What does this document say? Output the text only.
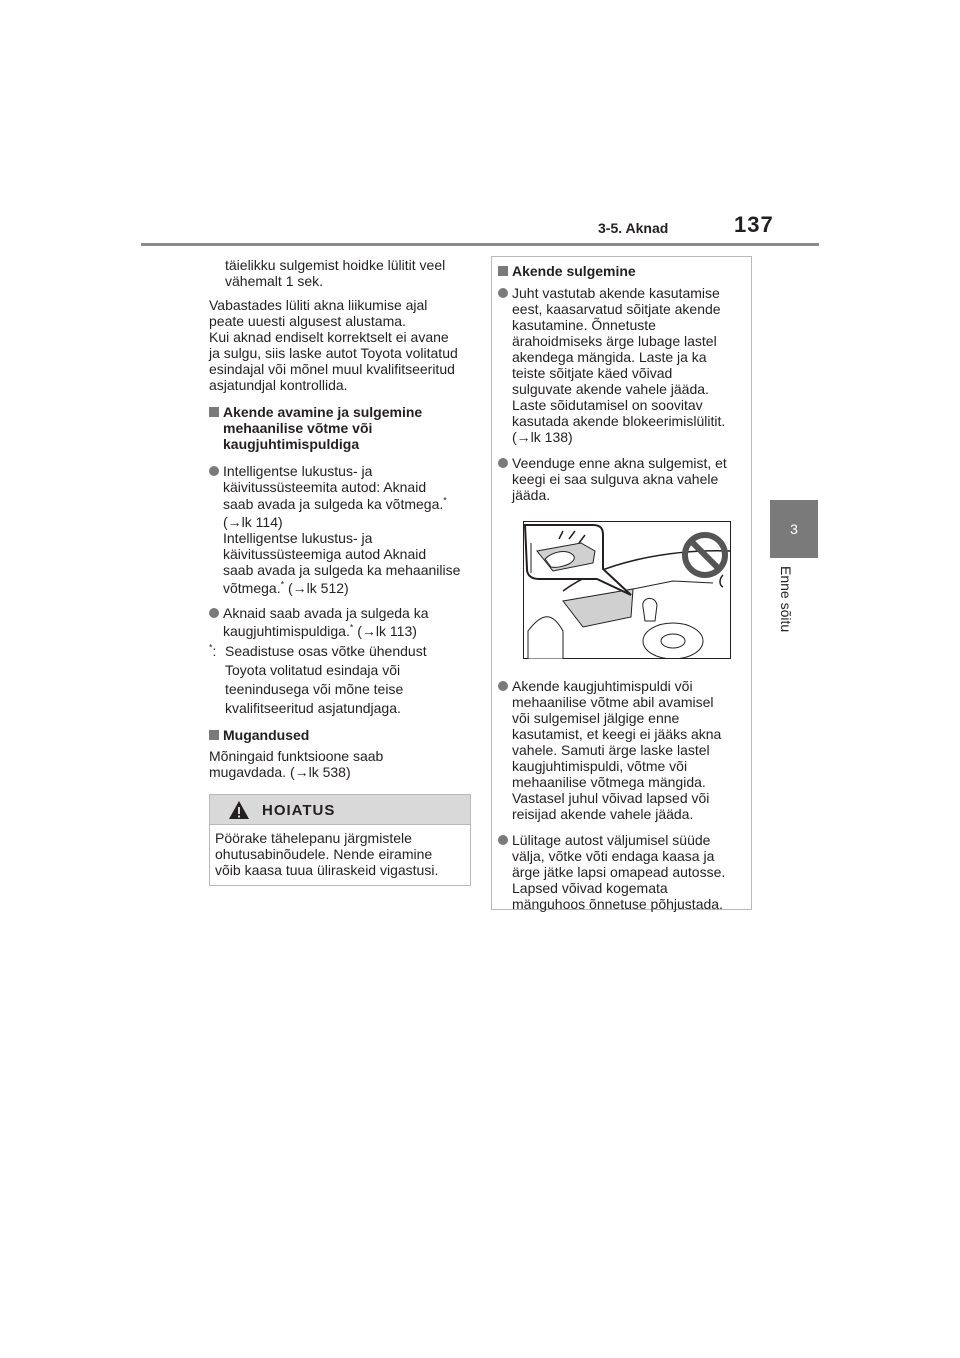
3-5. Aknad	137
3
Enne sõitu

täielikku sulgemist hoidke lülitit veel

vähemalt 1 sek.

Vabastades lüliti akna liikumise ajal

peate uuesti algusest alustama.

Kui aknad endiselt korrektselt ei avane

ja sulgu, siis laske autot Toyota volitatud

esindajal või mõnel muul kvalifitseeritud

asjatundjal kontrollida.

Akende avamine ja sulgemine
mehaanilise võtme või
kaugjuhtimispuldiga
Intelligentse lukustus- ja
käivitussüsteemita autod: Aknaid
saab avada ja sulgeda ka võtmega.*
(→lk 114)
Intelligentse lukustus- ja
käivitussüsteemiga autod Aknaid
saab avada ja sulgeda ka mehaanilise
võtmega.* (→lk 512)
Aknaid saab avada ja sulgeda ka
kaugjuhtimispuldiga.* (→lk 113)
*: Seadistuse osas võtke ühendust
Toyota volitatud esindaja või
teenindusega või mõne teise
kvalifitseeritud asjatundjaga.
Mugandused

Mõningaid funktsioone saab

mugavdada. (→lk 538)

HOIATUS
Pöörake tähelepanu järgmistele
ohutusabinõudele. Nende eiramine
võib kaasa tuua üliraskeid vigastusi.
Akende sulgemine
Juht vastutab akende kasutamise
eest, kaasarvatud sõitjate akende
kasutamine. Õnnetuste
ärahoidmiseks ärge lubage lastel
akendega mängida. Laste ja ka
teiste sõitjate käed võivad
sulguvate akende vahele jääda.
Laste sõidutamisel on soovitav
kasutada akende blokeerimislülitit.
(→lk 138)
Veenduge enne akna sulgemist, et
keegi ei saa sulguva akna vahele
jääda.
Akende kaugjuhtimispuldi või
mehaanilise võtme abil avamisel
või sulgemisel jälgige enne
kasutamist, et keegi ei jääks akna
vahele. Samuti ärge laske lastel
kaugjuhtimispuldi, võtme või
mehaanilise võtmega mängida.
Vastasel juhul võivad lapsed või
reisijad akende vahele jääda.
Lülitage autost väljumisel süüde
välja, võtke võti endaga kaasa ja
ärge jätke lapsi omapead autosse.
Lapsed võivad kogemata
mänguhoos õnnetuse põhjustada.
